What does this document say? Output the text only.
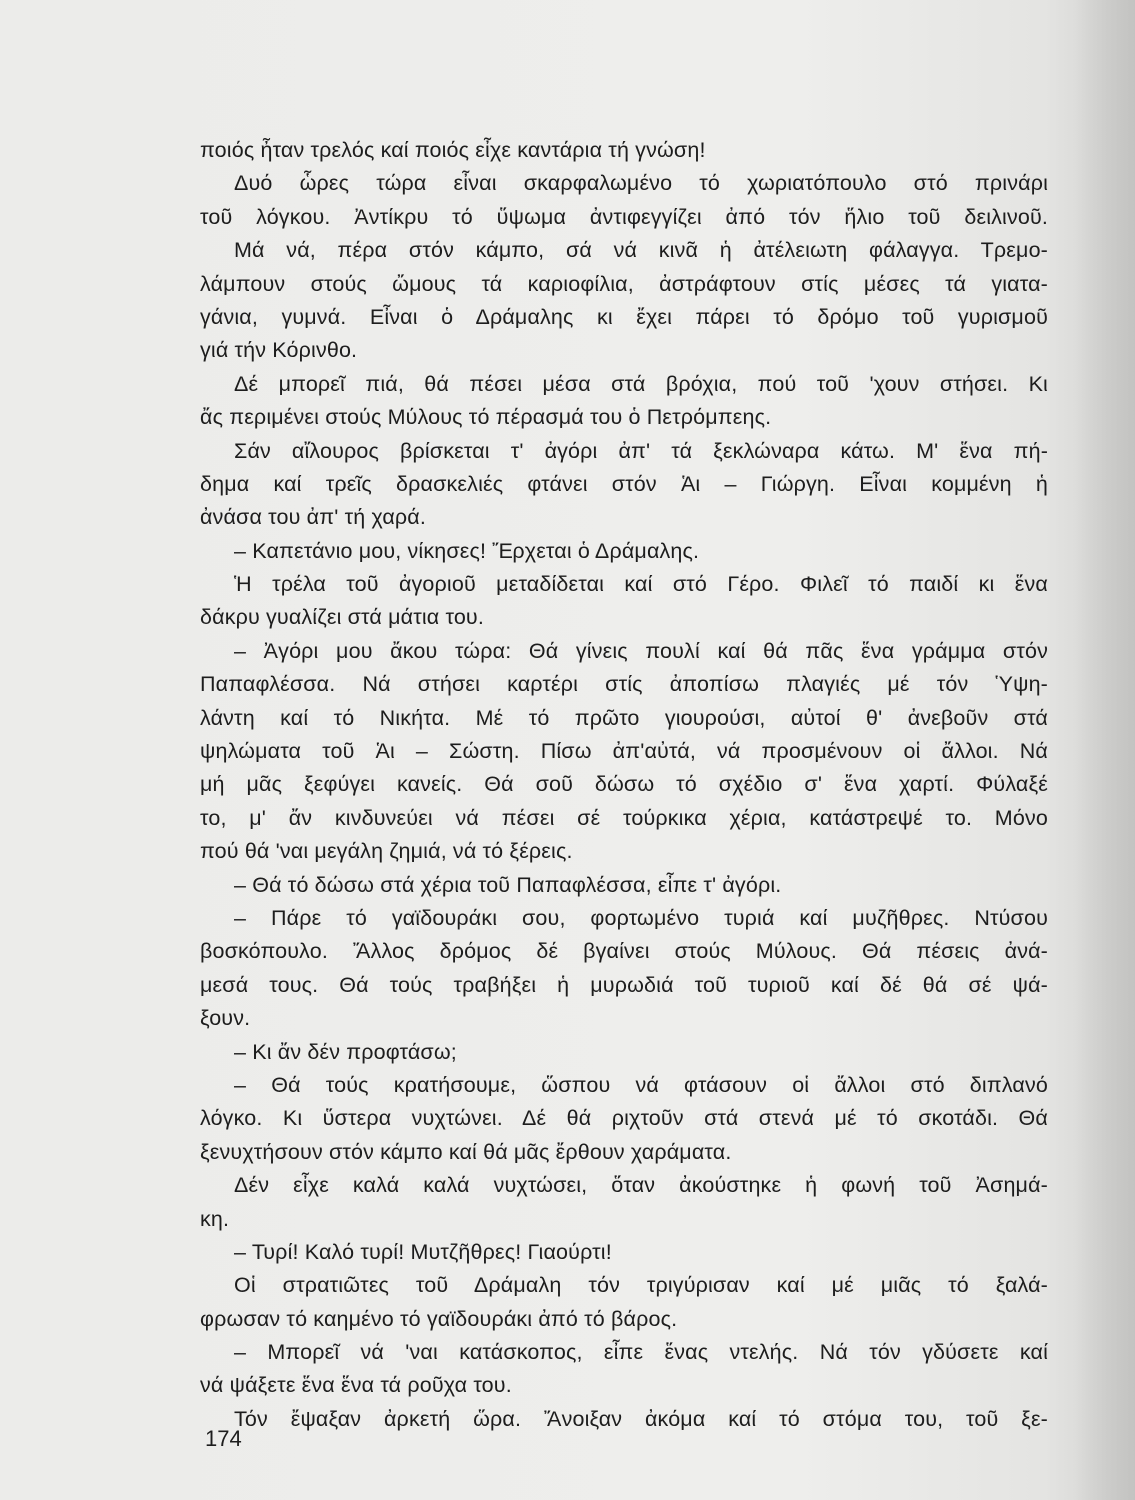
ποιός ἦταν τρελός καί ποιός εἶχε καντάρια τή γνώση!
Δυό ὧρες τώρα εἶναι σκαρφαλωμένο τό χωριατόπουλο στό πρινάρι
τοῦ λόγκου. Ἀντίκρυ τό ὕψωμα ἀντιφεγγίζει ἀπό τόν ἥλιο τοῦ δειλινοῦ.
Μά νά, πέρα στόν κάμπο, σά νά κινᾶ ἡ ἀτέλειωτη φάλαγγα. Τρεμο-
λάμπουν στούς ὤμους τά καριοφίλια, ἀστράφτουν στίς μέσες τά γιατα-
γάνια, γυμνά. Εἶναι ὁ Δράμαλης κι ἔχει πάρει τό δρόμο τοῦ γυρισμοῦ
γιά τήν Κόρινθο.
Δέ μπορεῖ πιά, θά πέσει μέσα στά βρόχια, πού τοῦ 'χουν στήσει. Κι
ἄς περιμένει στούς Μύλους τό πέρασμά του ὁ Πετρόμπεης.
Σάν αἴλουρος βρίσκεται τ' ἀγόρι ἀπ' τά ξεκλώναρα κάτω. Μ' ἕνα πή-
δημα καί τρεῖς δρασκελιές φτάνει στόν Ἁι – Γιώργη. Εἶναι κομμένη ἡ
ἀνάσα του ἀπ' τή χαρά.
– Καπετάνιο μου, νίκησες! Ἔρχεται ὁ Δράμαλης.
Ἡ τρέλα τοῦ ἀγοριοῦ μεταδίδεται καί στό Γέρο. Φιλεῖ τό παιδί κι ἕνα
δάκρυ γυαλίζει στά μάτια του.
– Ἀγόρι μου ἄκου τώρα: Θά γίνεις πουλί καί θά πᾶς ἕνα γράμμα στόν
Παπαφλέσσα. Νά στήσει καρτέρι στίς ἀποπίσω πλαγιές μέ τόν Ὑψη-
λάντη καί τό Νικήτα. Μέ τό πρῶτο γιουρούσι, αὐτοί θ' ἀνεβοῦν στά
ψηλώματα τοῦ Ἁι – Σώστη. Πίσω ἀπ'αὐτά, νά προσμένουν οἱ ἄλλοι. Νά
μή μᾶς ξεφύγει κανείς. Θά σοῦ δώσω τό σχέδιο σ' ἕνα χαρτί. Φύλαξέ
το, μ' ἄν κινδυνεύει νά πέσει σέ τούρκικα χέρια, κατάστρεψέ το. Μόνο
πού θά 'ναι μεγάλη ζημιά, νά τό ξέρεις.
– Θά τό δώσω στά χέρια τοῦ Παπαφλέσσα, εἶπε τ' ἀγόρι.
– Πάρε τό γαϊδουράκι σου, φορτωμένο τυριά καί μυζῆθρες. Ντύσου
βοσκόπουλο. Ἄλλος δρόμος δέ βγαίνει στούς Μύλους. Θά πέσεις ἀνά-
μεσά τους. Θά τούς τραβήξει ἡ μυρωδιά τοῦ τυριοῦ καί δέ θά σέ ψά-
ξουν.
– Κι ἄν δέν προφτάσω;
– Θά τούς κρατήσουμε, ὥσπου νά φτάσουν οἱ ἄλλοι στό διπλανό
λόγκο. Κι ὕστερα νυχτώνει. Δέ θά ριχτοῦν στά στενά μέ τό σκοτάδι. Θά
ξενυχτήσουν στόν κάμπο καί θά μᾶς ἔρθουν χαράματα.
Δέν εἶχε καλά καλά νυχτώσει, ὅταν ἀκούστηκε ἡ φωνή τοῦ Ἀσημά-
κη.
– Τυρί! Καλό τυρί! Μυτζῆθρες! Γιαούρτι!
Οἱ στρατιῶτες τοῦ Δράμαλη τόν τριγύρισαν καί μέ μιᾶς τό ξαλά-
φρωσαν τό καημένο τό γαϊδουράκι ἀπό τό βάρος.
– Μπορεῖ νά 'ναι κατάσκοπος, εἶπε ἕνας ντελής. Νά τόν γδύσετε καί
νά ψάξετε ἕνα ἕνα τά ροῦχα του.
Τόν ἔψαξαν ἀρκετή ὥρα. Ἄνοιξαν ἀκόμα καί τό στόμα του, τοῦ ξε-
174
